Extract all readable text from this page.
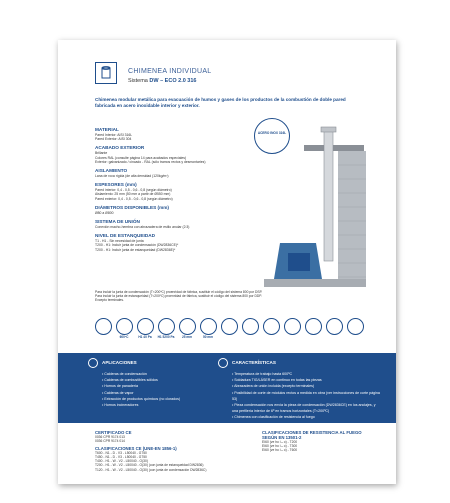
CHIMENEA INDIVIDUAL
Sistema DW – ECO 2.0 316
Chimenea modular metálica para evacuación de humos y gases de los productos de la combustión de doble pared fabricada en acero inoxidable interior y exterior.
MATERIAL
Pared Interior: AISI 316L
Pared Exterior: AISI 304
ACABADO EXTERIOR
Brillante
Colores RAL (consulte página 14 para acabados especiales)
Exterior: galvanizado / cincado - RAL (sólo tramos rectos y desmontaries)
AISLAMIENTO
Lana de roca rígida (de alta densidad (120kg/m³)
ESPESORES (mm)
Pared interior: 0,4 - 0,5 - 0,6 - 0,8 (según diámetro)
Aislamiento: 25 mm (50 mm a partir de Ø550 mm)
Pared exterior: 0,4 - 0,5 - 0,6 - 0,8 (según diámetro)
DIÁMETROS DISPONIBLES (mm)
Ø80 a Ø800
SISTEMA DE UNIÓN
Conexión macho-hembra con abrazadera de estilo anular (2:3)
NIVEL DE ESTANQUEIDAD
T1 - H1 - Sin necesidad de junta
T200 - H1: Incluir junta de condensación (DW2836CE)*
T200 - H1: Incluir junta de estanqueidad (DW2836E)*
ACERO INOX 316L
Para incluir la junta de condensación (T<200ºC) proenridad de fábrica, sustituir el código del sistema 800 por DSP.
Para incluir la junta de estanqueidad (T<200ºC) proenridad de fábrica, sustituir el código del sistema 800 por DDP.
Excepto terminales.
600ºC	H1 40 Pa	H1 5200 Pa	25 mm	50 mm
APLICACIONES
• Calderas de condensación
• Calderas de combustibles sólidos
• Hornos de panadería
• Calderas de vapor
• Extracción de productos químicos (no clorados)
• Hornos incineradores
CARACTERÍSTICAS
• Temperatura de trabajo hasta 600ºC
• Soldadura TIG/LÁSER en continuo en todas las piezas
• Abrazadera de unión incluida (excepto terminales)
• Posibilidad de corte de módulos rectos a medida en obra (ver instrucciones de corte página 53)
• Pieza condensación nos envía la pieza de condensación (DW2836CE) en los anclajes, y una perfilería interior de 6º en tramos horizontales (T<200ºC)
• Chimenea con clasificación de resistencia al fuego
CERTIFICADO CE
0036 CPR 9174 013
0036 CPR 9174 014
CLASIFICACIONES CE (UNE-EN 1856-1)
T600 - N1 - D - V3 - L50040 - G750
T450 - N1 - D - V3 - L50040 - G750
T400 - H1 - W - V2 - L50040 - O(30)
T200 - H1 - W - V2 - L50040 - O(30) (con junta de estanqueidad DW2836)
T120 - H1 - W - V2 - L50040 - O(30) (con junta de condensación DW2836C)
CLASIFICACIONES DE RESISTENCIA AL FUEGO SEGÚN EN 13501-2
EI60 (ve ho i↔o) - T200
EI60 (ve ho i↔o) - T300
EI60 (ve ho i↔o) - T600
